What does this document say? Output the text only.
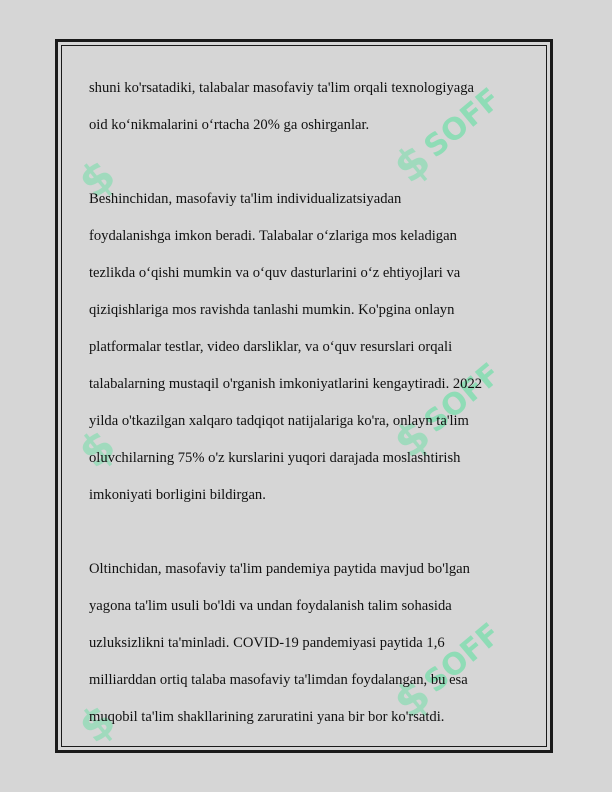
$	$
SOFF
$	$
SOFF
$	$
SOFF
shuni ko'rsatadiki, talabalar masofaviy ta'lim orqali texnologiyaga
oid ko‘nikmalarini o‘rtacha 20% ga oshirganlar.
Beshinchidan, masofaviy ta'lim individualizatsiyadan
foydalanishga imkon beradi. Talabalar o‘zlariga mos keladigan
tezlikda o‘qishi mumkin va o‘quv dasturlarini o‘z ehtiyojlari va
qiziqishlariga mos ravishda tanlashi mumkin. Ko'pgina onlayn
platformalar testlar, video darsliklar, va o‘quv resurslari orqali
talabalarning mustaqil o'rganish imkoniyatlarini kengaytiradi. 2022
yilda o'tkazilgan xalqaro tadqiqot natijalariga ko'ra, onlayn ta'lim
oluvchilarning 75% o'z kurslarini yuqori darajada moslashtirish
imkoniyati borligini bildirgan.
Oltinchidan, masofaviy ta'lim pandemiya paytida mavjud bo'lgan
yagona ta'lim usuli bo'ldi va undan foydalanish talim sohasida
uzluksizlikni ta'minladi. COVID-19 pandemiyasi paytida 1,6
milliarddan ortiq talaba masofaviy ta'limdan foydalangan, bu esa
muqobil ta'lim shakllarining zaruratini yana bir bor ko'rsatdi.
